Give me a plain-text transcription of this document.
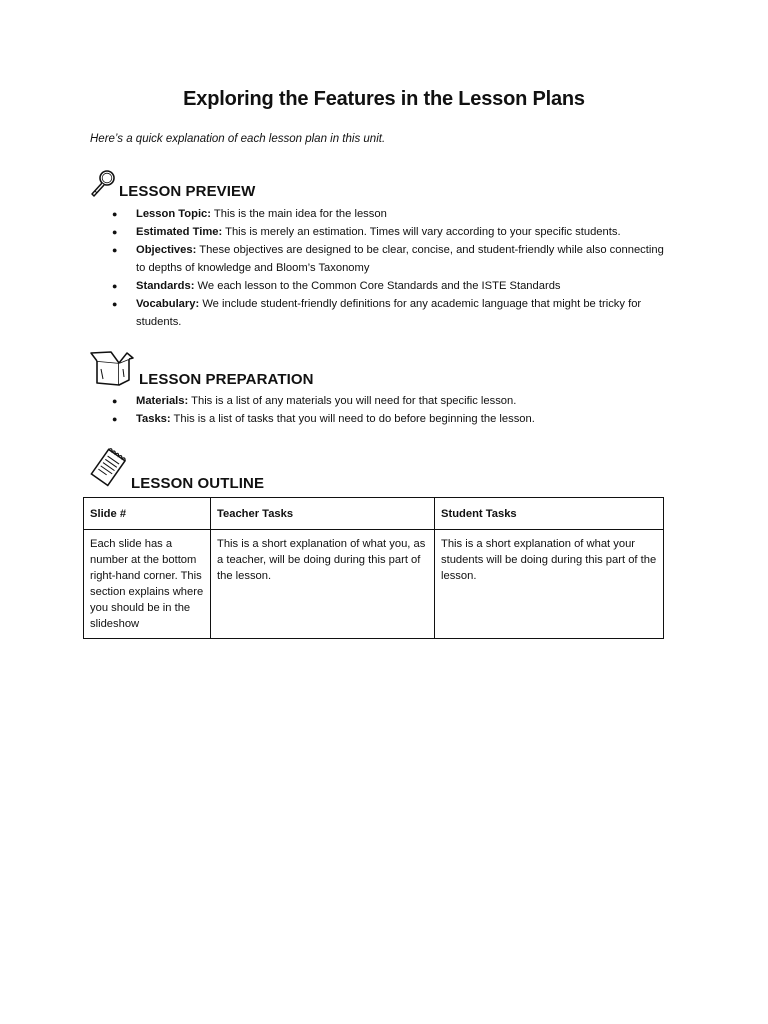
Exploring the Features in the Lesson Plans
Here’s a quick explanation of each lesson plan in this unit.
LESSON PREVIEW
● Lesson Topic: This is the main idea for the lesson
● Estimated Time: This is merely an estimation. Times will vary according to your specific students.
● Objectives: These objectives are designed to be clear, concise, and student-friendly while also connecting to depths of knowledge and Bloom’s Taxonomy
● Standards: We each lesson to the Common Core Standards and the ISTE Standards
● Vocabulary: We include student-friendly definitions for any academic language that might be tricky for students.
LESSON PREPARATION
● Materials: This is a list of any materials you will need for that specific lesson.
● Tasks: This is a list of tasks that you will need to do before beginning the lesson.
LESSON OUTLINE
Slide #	Teacher Tasks	Student Tasks
Each slide has a number at the bottom right-hand corner. This section explains where you should be in the slideshow	This is a short explanation of what you, as a teacher, will be doing during this part of the lesson.	This is a short explanation of what your students will be doing during this part of the lesson.
